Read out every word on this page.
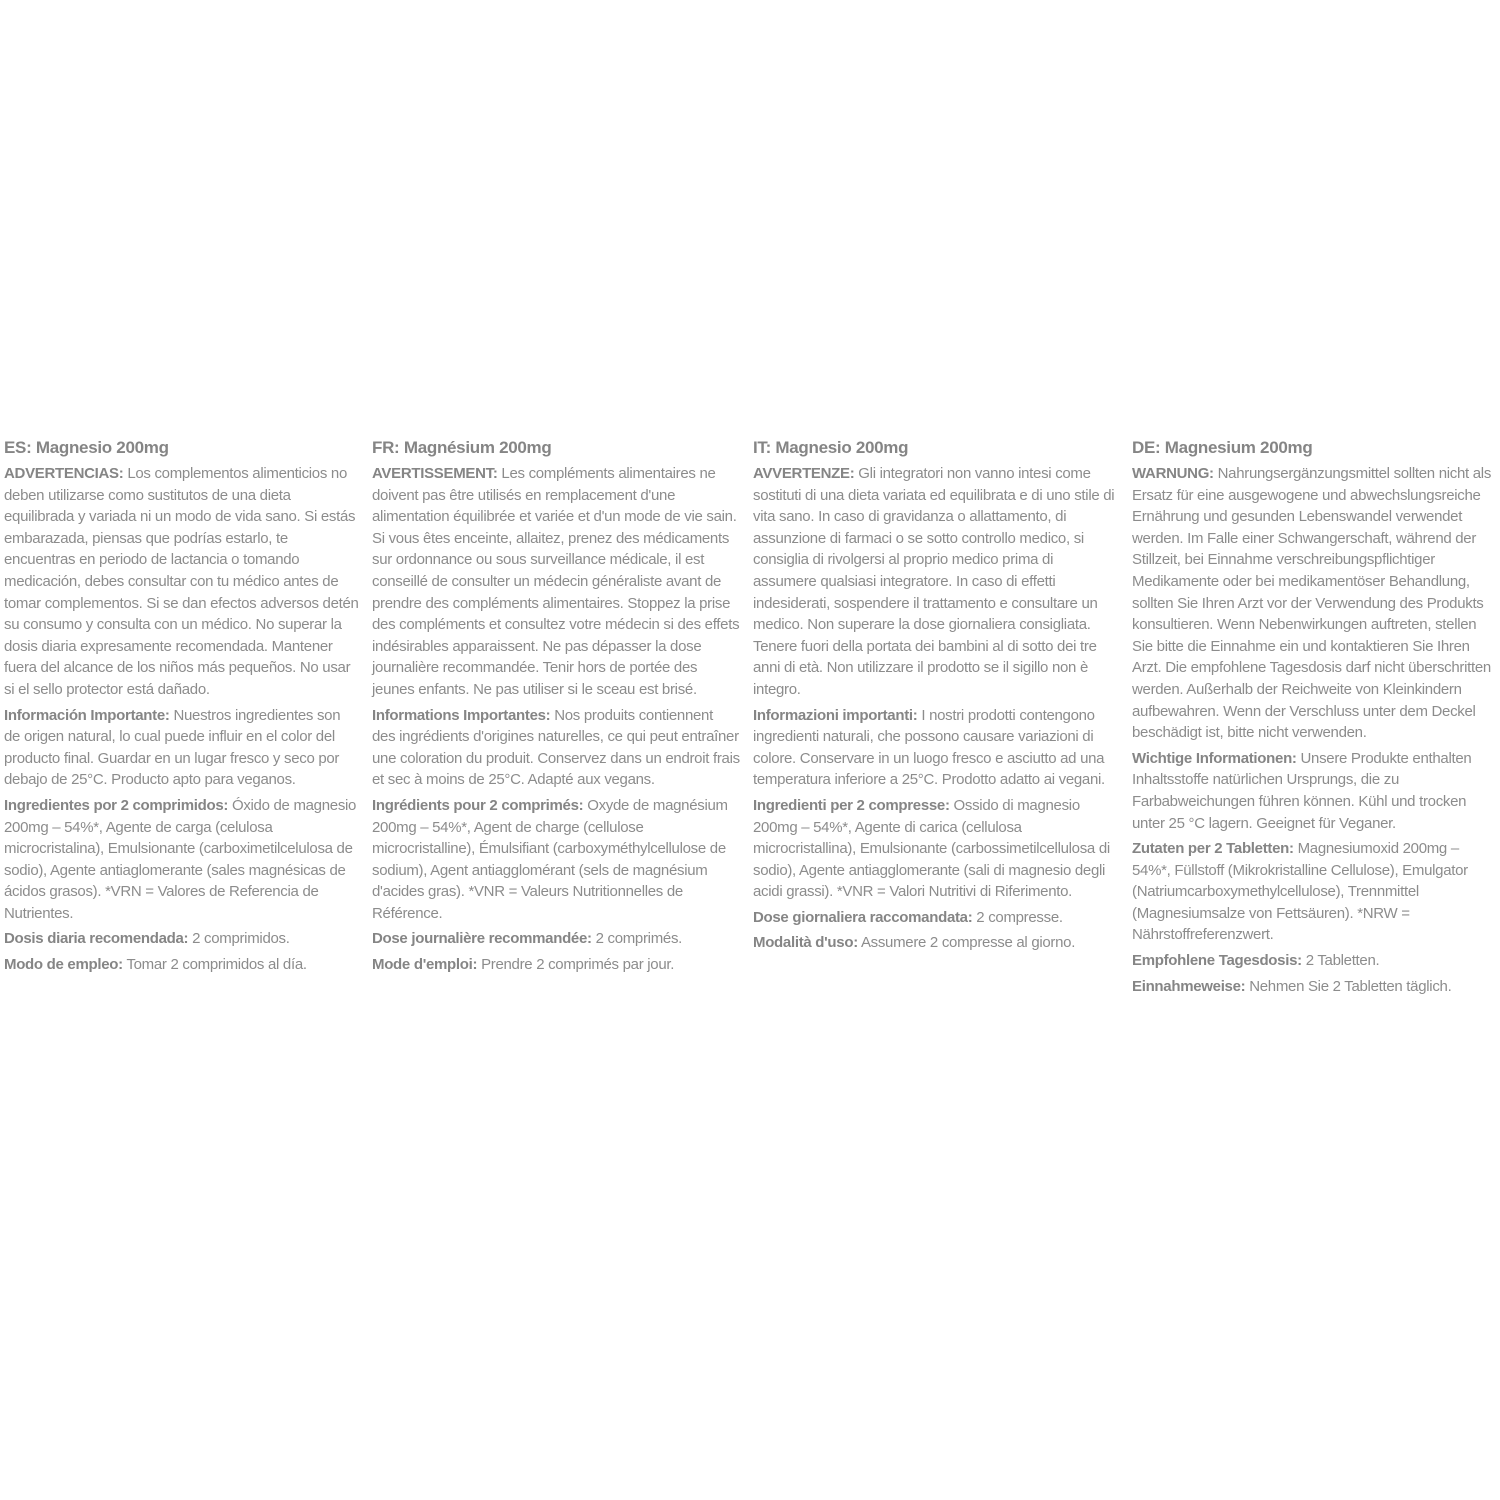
ES: Magnesio 200mg

ADVERTENCIAS: Los complementos alimenticios no deben utilizarse como sustitutos de una dieta equilibrada y variada ni un modo de vida sano. Si estás embarazada, piensas que podrías estarlo, te encuentras en periodo de lactancia o tomando medicación, debes consultar con tu médico antes de tomar complementos. Si se dan efectos adversos detén su consumo y consulta con un médico. No superar la dosis diaria expresamente recomendada. Mantener fuera del alcance de los niños más pequeños. No usar si el sello protector está dañado.

Información Importante: Nuestros ingredientes son de origen natural, lo cual puede influir en el color del producto final. Guardar en un lugar fresco y seco por debajo de 25°C. Producto apto para veganos.

Ingredientes por 2 comprimidos: Óxido de magnesio 200mg – 54%*, Agente de carga (celulosa microcristalina), Emulsionante (carboximetilcelulosa de sodio), Agente antiaglomerante (sales magnésicas de ácidos grasos). *VRN = Valores de Referencia de Nutrientes.

Dosis diaria recomendada: 2 comprimidos.

Modo de empleo: Tomar 2 comprimidos al día.

FR: Magnésium 200mg

AVERTISSEMENT: Les compléments alimentaires ne doivent pas être utilisés en remplacement d'une alimentation équilibrée et variée et d'un mode de vie sain. Si vous êtes enceinte, allaitez, prenez des médicaments sur ordonnance ou sous surveillance médicale, il est conseillé de consulter un médecin généraliste avant de prendre des compléments alimentaires. Stoppez la prise des compléments et consultez votre médecin si des effets indésirables apparaissent. Ne pas dépasser la dose journalière recommandée. Tenir hors de portée des jeunes enfants. Ne pas utiliser si le sceau est brisé.

Informations Importantes: Nos produits contiennent des ingrédients d'origines naturelles, ce qui peut entraîner une coloration du produit. Conservez dans un endroit frais et sec à moins de 25°C. Adapté aux vegans.

Ingrédients pour 2 comprimés: Oxyde de magnésium 200mg – 54%*, Agent de charge (cellulose microcristalline), Émulsifiant (carboxyméthylcellulose de sodium), Agent antiagglomérant (sels de magnésium d'acides gras). *VNR = Valeurs Nutritionnelles de Référence.

Dose journalière recommandée: 2 comprimés.

Mode d'emploi: Prendre 2 comprimés par jour.

IT: Magnesio 200mg

AVVERTENZE: Gli integratori non vanno intesi come sostituti di una dieta variata ed equilibrata e di uno stile di vita sano. In caso di gravidanza o allattamento, di assunzione di farmaci o se sotto controllo medico, si consiglia di rivolgersi al proprio medico prima di assumere qualsiasi integratore. In caso di effetti indesiderati, sospendere il trattamento e consultare un medico. Non superare la dose giornaliera consigliata. Tenere fuori della portata dei bambini al di sotto dei tre anni di età. Non utilizzare il prodotto se il sigillo non è integro.

Informazioni importanti: I nostri prodotti contengono ingredienti naturali, che possono causare variazioni di colore. Conservare in un luogo fresco e asciutto ad una temperatura inferiore a 25°C. Prodotto adatto ai vegani.

Ingredienti per 2 compresse: Ossido di magnesio 200mg – 54%*, Agente di carica (cellulosa microcristallina), Emulsionante (carbossimetilcellulosa di sodio), Agente antiagglomerante (sali di magnesio degli acidi grassi). *VNR = Valori Nutritivi di Riferimento.

Dose giornaliera raccomandata: 2 compresse.

Modalità d'uso: Assumere 2 compresse al giorno.

DE: Magnesium 200mg

WARNUNG: Nahrungsergänzungsmittel sollten nicht als Ersatz für eine ausgewogene und abwechslungsreiche Ernährung und gesunden Lebenswandel verwendet werden. Im Falle einer Schwangerschaft, während der Stillzeit, bei Einnahme verschreibungspflichtiger Medikamente oder bei medikamentöser Behandlung, sollten Sie Ihren Arzt vor der Verwendung des Produkts konsultieren. Wenn Nebenwirkungen auftreten, stellen Sie bitte die Einnahme ein und kontaktieren Sie Ihren Arzt. Die empfohlene Tagesdosis darf nicht überschritten werden. Außerhalb der Reichweite von Kleinkindern aufbewahren. Wenn der Verschluss unter dem Deckel beschädigt ist, bitte nicht verwenden.

Wichtige Informationen: Unsere Produkte enthalten Inhaltsstoffe natürlichen Ursprungs, die zu Farbabweichungen führen können. Kühl und trocken unter 25 °C lagern. Geeignet für Veganer.

Zutaten per 2 Tabletten: Magnesiumoxid 200mg – 54%*, Füllstoff (Mikrokristalline Cellulose), Emulgator (Natriumcarboxymethylcellulose), Trennmittel (Magnesiumsalze von Fettsäuren). *NRW = Nährstoffreferenzwert.

Empfohlene Tagesdosis: 2 Tabletten.

Einnahmeweise: Nehmen Sie 2 Tabletten täglich.
